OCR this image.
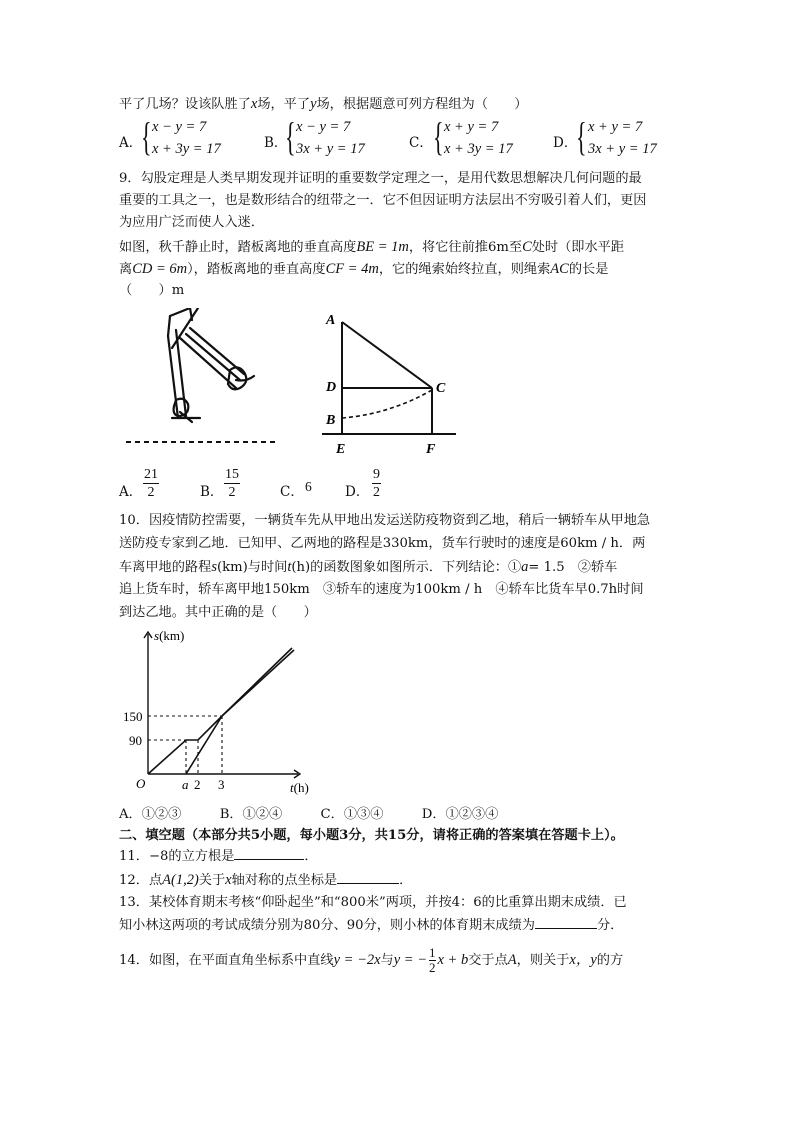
平了几场？设该队胜了x场，平了y场，根据题意可列方程组为（　　）
A．
{ x − y = 7
x + 3y = 17	B．
{ x − y = 7
3x + y = 17	C． { x + y = 7
x + 3y = 17	D．
{ x + y = 7
3x + y = 17
9．勾股定理是人类早期发现并证明的重要数学定理之一，是用代数思想解决几何问题的最
重要的工具之一，也是数形结合的纽带之一．它不但因证明方法层出不穷吸引着人们，更因
为应用广泛而使人入迷．
如图，秋千静止时，踏板离地的垂直高度BE = 1m，将它往前推6m至C处时（即水平距
离CD = 6m），踏板离地的垂直高度CF = 4m，它的绳索始终拉直，则绳索AC的长是
（　　）m
A
D
B
C
E	F
A． $\frac{21}{2}$	B． $\frac{15}{2}$	C． 6 D． $\frac{9}{2}$
10．因疫情防控需要，一辆货车先从甲地出发运送防疫物资到乙地，稍后一辆轿车从甲地急
送防疫专家到乙地．已知甲、乙两地的路程是330km，货车行驶时的速度是60km / h．两
车离甲地的路程s(km)与时间t(h)的函数图象如图所示．下列结论：①a= 1.5　②轿车
追上货车时，轿车离甲地150km　③轿车的速度为100km / h　④轿车比货车早0.7h时间
到达乙地。其中正确的是（　　）
s(km)
t(h)
O
150
90
a 2 3
A．①②③	B．①②④	C．①③④	D．①②③④
二、填空题（本部分共5小题，每小题3分，共15分，请将正确的答案填在答题卡上）。
11．−8的立方根是	．
12．点A(1,2)关于x轴对称的点坐标是	．
13．某校体育期末考核“仰卧起坐”和“800米”两项，并按4：6的比重算出期末成绩．已
知小林这两项的考试成绩分别为80分、90分，则小林的体育期末成绩为	分．
14．如图，在平面直角坐标系中直线y = −2x与y = − $\frac{1}{2}$ x + b交于点A，则关于x，y的方
